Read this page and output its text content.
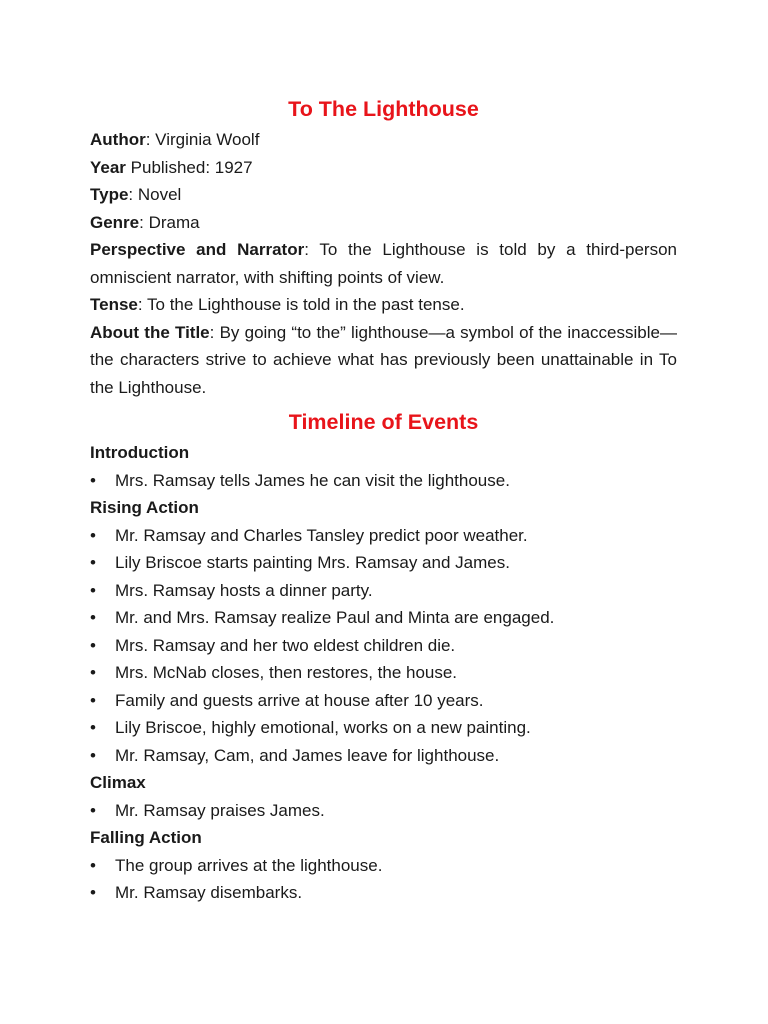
To The Lighthouse

Author: Virginia Woolf

Year Published: 1927

Type: Novel

Genre: Drama

Perspective and Narrator: To the Lighthouse is told by a third-person omniscient narrator, with shifting points of view.

Tense: To the Lighthouse is told in the past tense.

About the Title: By going “to the” lighthouse—a symbol of the inaccessible—the characters strive to achieve what has previously been unattainable in To the Lighthouse.

Timeline of Events

Introduction

• Mrs. Ramsay tells James he can visit the lighthouse.

Rising Action

• Mr. Ramsay and Charles Tansley predict poor weather.
• Lily Briscoe starts painting Mrs. Ramsay and James.
• Mrs. Ramsay hosts a dinner party.
• Mr. and Mrs. Ramsay realize Paul and Minta are engaged.
• Mrs. Ramsay and her two eldest children die.
• Mrs. McNab closes, then restores, the house.
• Family and guests arrive at house after 10 years.
• Lily Briscoe, highly emotional, works on a new painting.
• Mr. Ramsay, Cam, and James leave for lighthouse.

Climax

• Mr. Ramsay praises James.

Falling Action

• The group arrives at the lighthouse.
• Mr. Ramsay disembarks.
